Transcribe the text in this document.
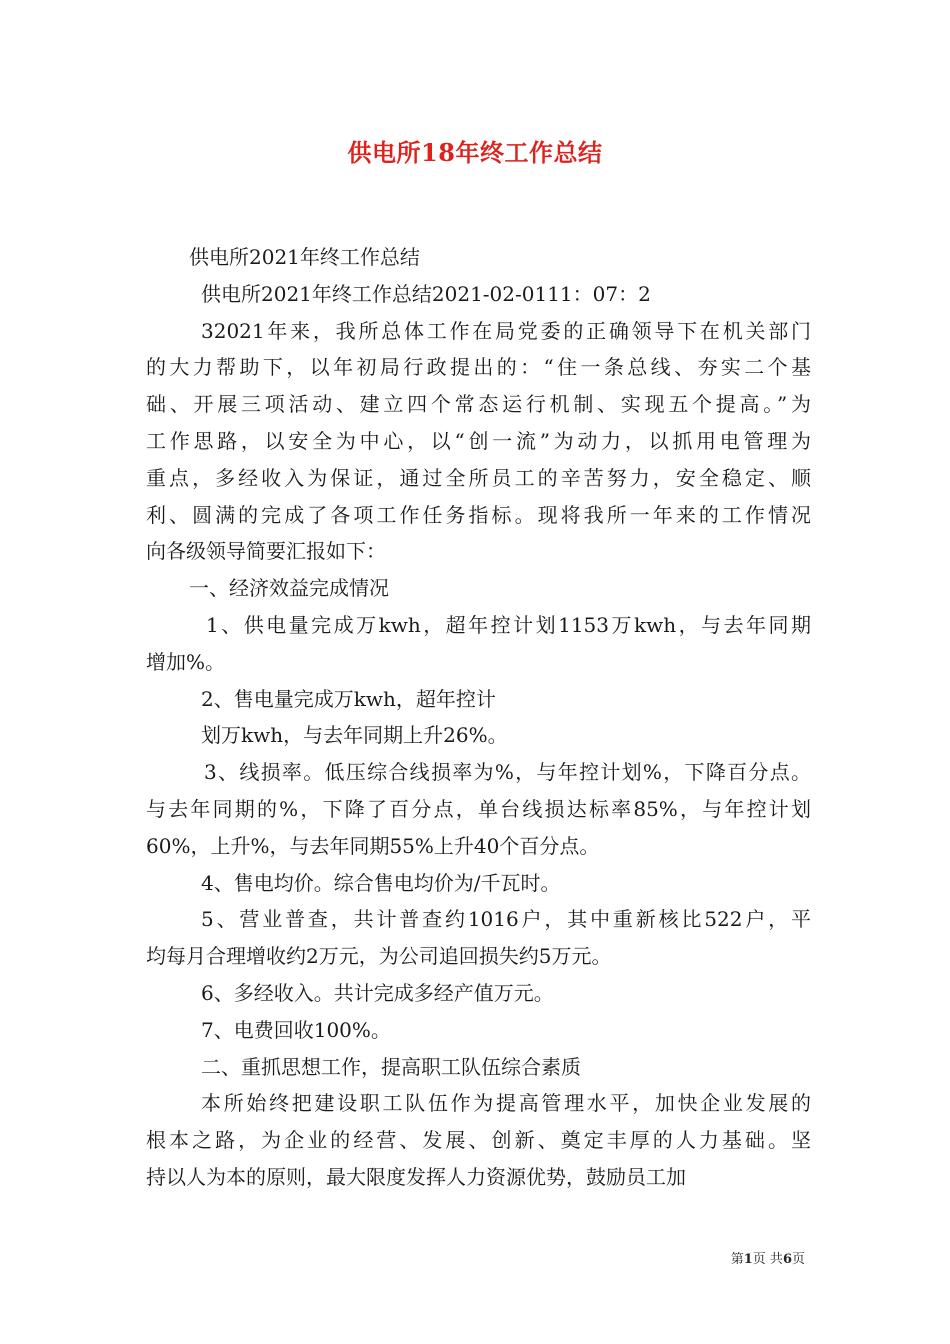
供电所18年终工作总结
供电所2021年终工作总结
供电所2021年终工作总结2021-02-0111：07：2
32021年来，我所总体工作在局党委的正确领导下在机关部门
的大力帮助下，以年初局行政提出的：“住一条总线、夯实二个基
础、开展三项活动、建立四个常态运行机制、实现五个提高。”为
工作思路，以安全为中心，以“创一流”为动力，以抓用电管理为
重点，多经收入为保证，通过全所员工的辛苦努力，安全稳定、顺
利、圆满的完成了各项工作任务指标。现将我所一年来的工作情况
向各级领导简要汇报如下：
一、经济效益完成情况
1、供电量完成万kwh，超年控计划1153万kwh，与去年同期
增加%。
2、售电量完成万kwh，超年控计
划万kwh，与去年同期上升26%。
3、线损率。低压综合线损率为%，与年控计划%，下降百分点。
与去年同期的%，下降了百分点，单台线损达标率85%，与年控计划
60%，上升%，与去年同期55%上升40个百分点。
4、售电均价。综合售电均价为/千瓦时。
5、营业普查，共计普查约1016户，其中重新核比522户，平
均每月合理增收约2万元，为公司追回损失约5万元。
6、多经收入。共计完成多经产值万元。
7、电费回收100%。
二、重抓思想工作，提高职工队伍综合素质
本所始终把建设职工队伍作为提高管理水平，加快企业发展的
根本之路，为企业的经营、发展、创新、奠定丰厚的人力基础。坚
持以人为本的原则，最大限度发挥人力资源优势，鼓励员工加
第1页 共6页
